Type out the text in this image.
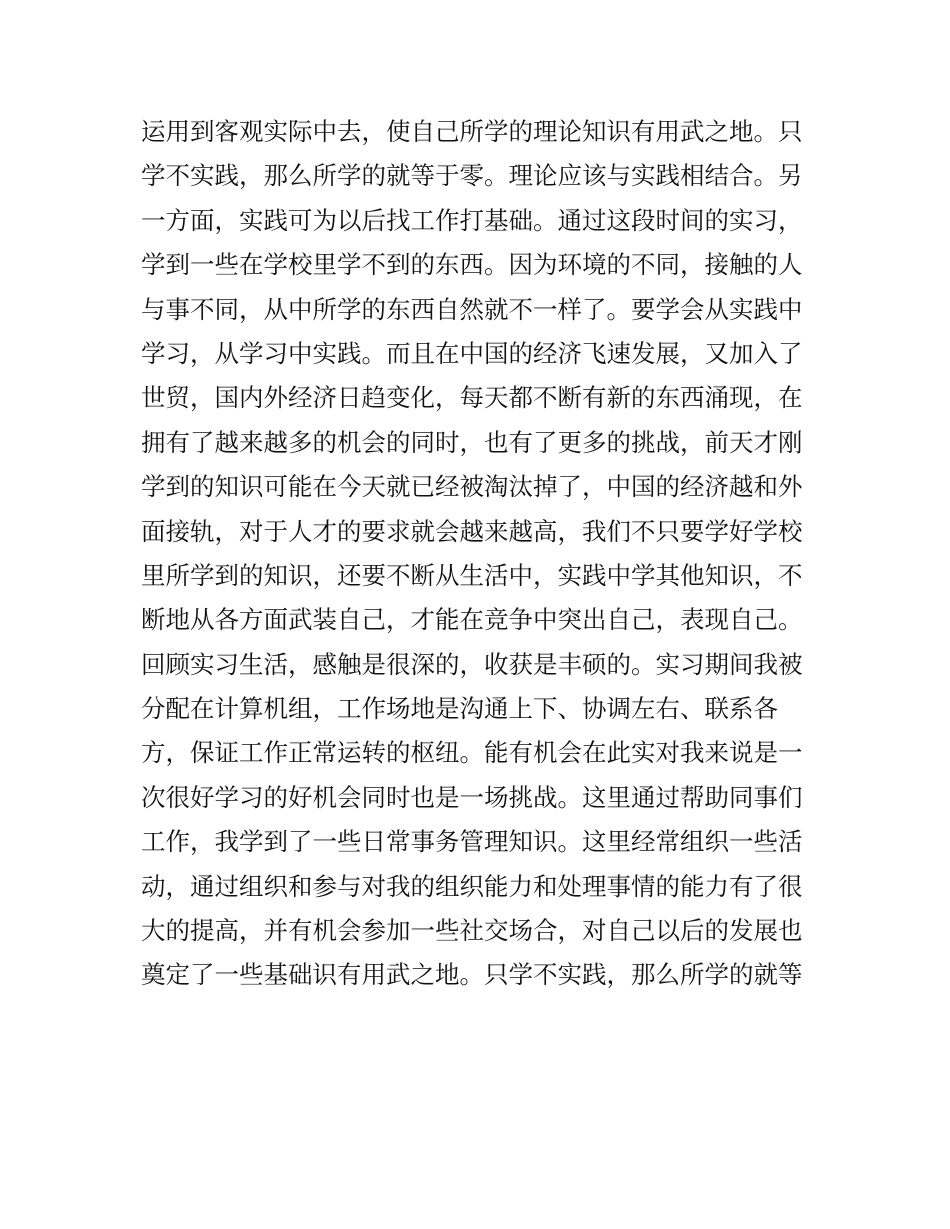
运用到客观实际中去，使自己所学的理论知识有用武之地。只
学不实践，那么所学的就等于零。理论应该与实践相结合。另
一方面，实践可为以后找工作打基础。通过这段时间的实习，
学到一些在学校里学不到的东西。因为环境的不同，接触的人
与事不同，从中所学的东西自然就不一样了。要学会从实践中
学习，从学习中实践。而且在中国的经济飞速发展，又加入了
世贸，国内外经济日趋变化，每天都不断有新的东西涌现，在
拥有了越来越多的机会的同时，也有了更多的挑战，前天才刚
学到的知识可能在今天就已经被淘汰掉了，中国的经济越和外
面接轨，对于人才的要求就会越来越高，我们不只要学好学校
里所学到的知识，还要不断从生活中，实践中学其他知识，不
断地从各方面武装自己，才能在竞争中突出自己，表现自己。
回顾实习生活，感触是很深的，收获是丰硕的。实习期间我被
分配在计算机组，工作场地是沟通上下、协调左右、联系各
方，保证工作正常运转的枢纽。能有机会在此实对我来说是一
次很好学习的好机会同时也是一场挑战。这里通过帮助同事们
工作，我学到了一些日常事务管理知识。这里经常组织一些活
动，通过组织和参与对我的组织能力和处理事情的能力有了很
大的提高，并有机会参加一些社交场合，对自己以后的发展也
奠定了一些基础识有用武之地。只学不实践，那么所学的就等
